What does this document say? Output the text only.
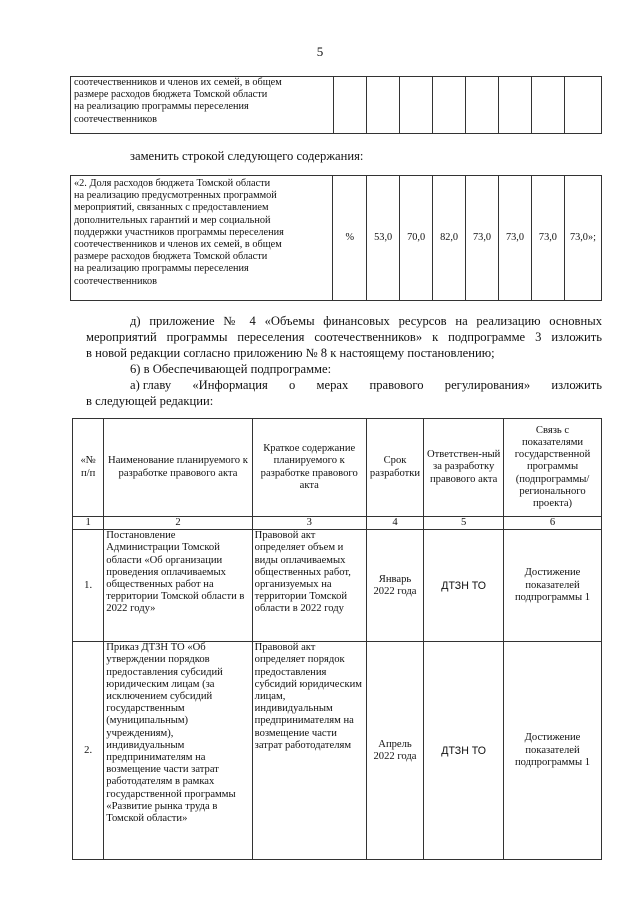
5
соотечественников и членов их семей, в общем
размере расходов бюджета Томской области
на реализацию программы переселения
соотечественников

заменить строкой следующего содержания:
«2. Доля расходов бюджета Томской области
на реализацию предусмотренных программой
мероприятий, связанных с предоставлением
дополнительных гарантий и мер социальной
поддержки участников программы переселения
соотечественников и членов их семей, в общем
размере расходов бюджета Томской области
на реализацию программы переселения
соотечественников
	%	53,0	70,0	82,0	73,0	73,0	73,0	73,0»;
д) приложение № 4 «Объемы финансовых ресурсов на реализацию основных
мероприятий программы переселения соотечественников» к подпрограмме 3 изложить
в новой редакции согласно приложению № 8 к настоящему постановлению;
6) в Обеспечивающей подпрограмме:
а) главу «Информация о мерах правового регулирования» изложить
в следующей редакции:
«№ п/п	Наименование планируемого к разработке правового акта	Краткое содержание планируемого к разработке правового акта	Срок разработки	Ответствен-ный за разработку правового акта	Связь с показателями государственной программы (подпрограммы/ регионального проекта)
1	2	3	4	5	6
1.	Постановление Администрации Томской области «Об организации проведения оплачиваемых общественных работ на территории Томской области в 2022 году»	Правовой акт определяет объем и виды оплачиваемых общественных работ, организуемых на территории Томской области в 2022 году	Январь 2022 года	ДТЗН ТО	Достижение показателей подпрограммы 1
2.	Приказ ДТЗН ТО «Об утверждении порядков предоставления субсидий юридическим лицам (за исключением субсидий государственным (муниципальным) учреждениям), индивидуальным предпринимателям на возмещение части затрат работодателям в рамках государственной программы «Развитие рынка труда в Томской области»	Правовой акт определяет порядок предоставления субсидий юридическим лицам, индивидуальным предпринимателям на возмещение части затрат работодателям	Апрель 2022 года	ДТЗН ТО	Достижение показателей подпрограммы 1
